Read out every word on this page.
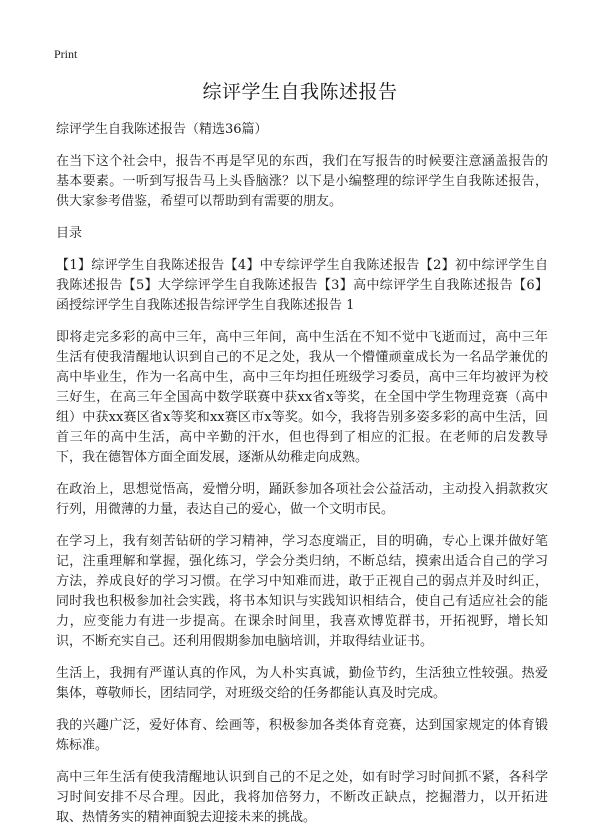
Print
综评学生自我陈述报告

综评学生自我陈述报告（精选36篇）

在当下这个社会中，报告不再是罕见的东西，我们在写报告的时候要注意涵盖报告的基本要素。一听到写报告马上头昏脑涨？以下是小编整理的综评学生自我陈述报告，供大家参考借鉴，希望可以帮助到有需要的朋友。

目录

【1】综评学生自我陈述报告【4】中专综评学生自我陈述报告【2】初中综评学生自我陈述报告【5】大学综评学生自我陈述报告【3】高中综评学生自我陈述报告【6】函授综评学生自我陈述报告综评学生自我陈述报告 1

即将走完多彩的高中三年，高中三年间，高中生活在不知不觉中飞逝而过，高中三年生活有使我清醒地认识到自己的不足之处，我从一个懵懂顽童成长为一名品学兼优的高中毕业生，作为一名高中生，高中三年均担任班级学习委员，高中三年均被评为校三好生，在高三年全国高中数学联赛中获xx省x等奖，在全国中学生物理竞赛（高中组）中获xx赛区省x等奖和xx赛区市x等奖。如今，我将告别多姿多彩的高中生活，回首三年的高中生活，高中辛勤的汗水，但也得到了相应的汇报。在老师的启发教导下，我在德智体方面全面发展，逐渐从幼稚走向成熟。

在政治上，思想觉悟高，爱憎分明，踊跃参加各项社会公益活动，主动投入捐款救灾行列，用微薄的力量，表达自己的爱心，做一个文明市民。

在学习上，我有刻苦钻研的学习精神，学习态度端正，目的明确，专心上课并做好笔记，注重理解和掌握，强化练习，学会分类归纳，不断总结，摸索出适合自己的学习方法，养成良好的学习习惯。在学习中知难而进，敢于正视自己的弱点并及时纠正，同时我也积极参加社会实践，将书本知识与实践知识相结合，使自己有适应社会的能力，应变能力有进一步提高。在课余时间里，我喜欢博览群书，开拓视野，增长知识，不断充实自己。还利用假期参加电脑培训，并取得结业证书。

生活上，我拥有严谨认真的作风，为人朴实真诚，勤俭节约，生活独立性较强。热爱集体，尊敬师长，团结同学，对班级交给的任务都能认真及时完成。

我的兴趣广泛，爱好体育、绘画等，积极参加各类体育竞赛，达到国家规定的体育锻炼标准。

高中三年生活有使我清醒地认识到自己的不足之处，如有时学习时间抓不紧，各科学习时间安排不尽合理。因此，我将加倍努力，不断改正缺点，挖掘潜力，以开拓进取、热情务实的精神面貌去迎接未来的挑战。
